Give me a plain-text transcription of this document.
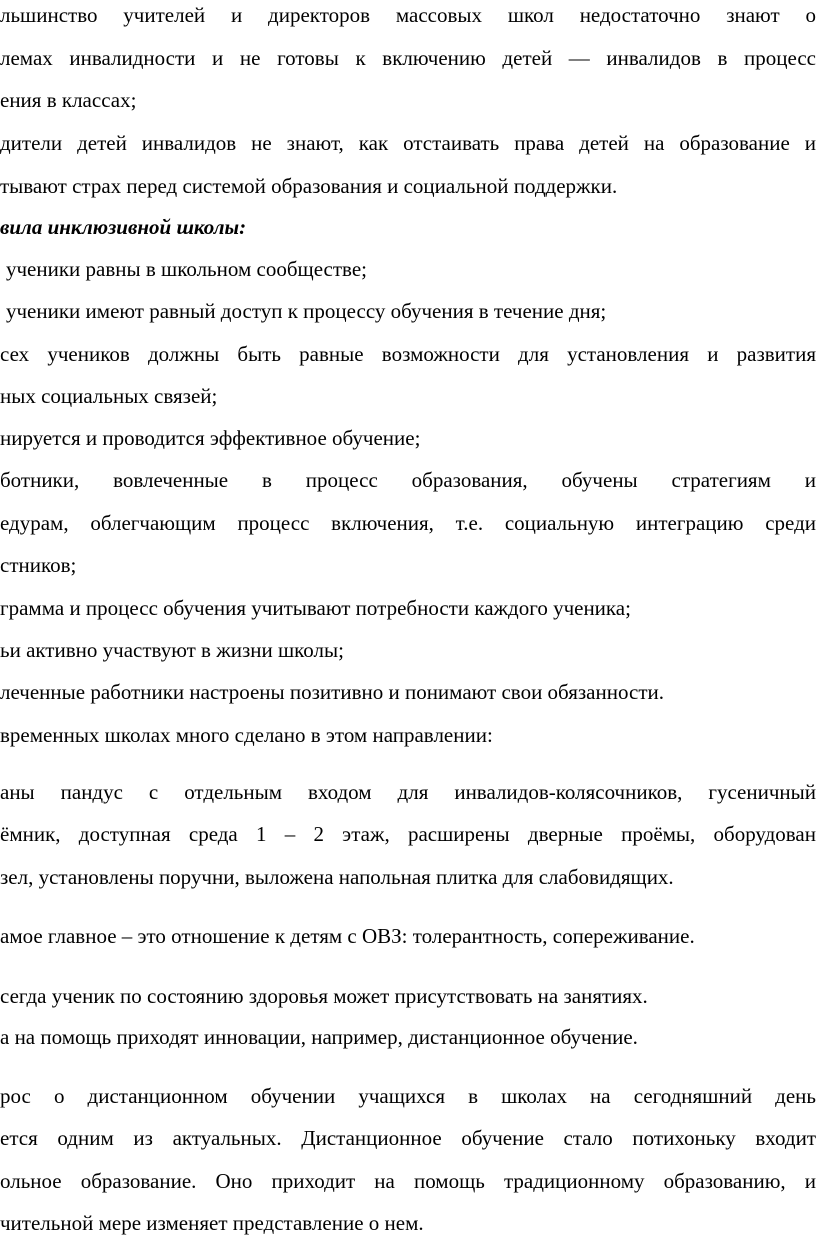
льшинство учителей и директоров массовых школ недостаточно знают о
лемах инвалидности и не готовы к включению детей — инвалидов в процесс
ения в классах;
дители детей инвалидов не знают, как отстаивать права детей на образование и
тывают страх перед системой образования и социальной поддержки.
вила инклюзивной школы:
ученики равны в школьном сообществе;
ученики имеют равный доступ к процессу обучения в течение дня;
сех учеников должны быть равные возможности для установления и развития
ных социальных связей;
нируется и проводится эффективное обучение;
ботники, вовлеченные в процесс образования, обучены стратегиям и
едурам, облегчающим процесс включения, т.е. социальную интеграцию среди
стников;
грамма и процесс обучения учитывают потребности каждого ученика;
ьи активно участвуют в жизни школы;
леченные работники настроены позитивно и понимают свои обязанности.
временных школах много сделано в этом направлении:
аны пандус с отдельным входом для инвалидов-колясочников, гусеничный
ёмник, доступная среда 1 – 2 этаж, расширены дверные проёмы, оборудован
зел, установлены поручни, выложена напольная плитка для слабовидящих.
амое главное – это отношение к детям с ОВЗ: толерантность, сопереживание.
сегда ученик по состоянию здоровья может присутствовать на занятиях.
а на помощь приходят инновации, например, дистанционное обучение.
рос о дистанционном обучении учащихся в школах на сегодняшний день
ется одним из актуальных. Дистанционное обучение стало потихоньку входит
ольное образование. Оно приходит на помощь традиционному образованию, и
чительной мере изменяет представление о нем.
